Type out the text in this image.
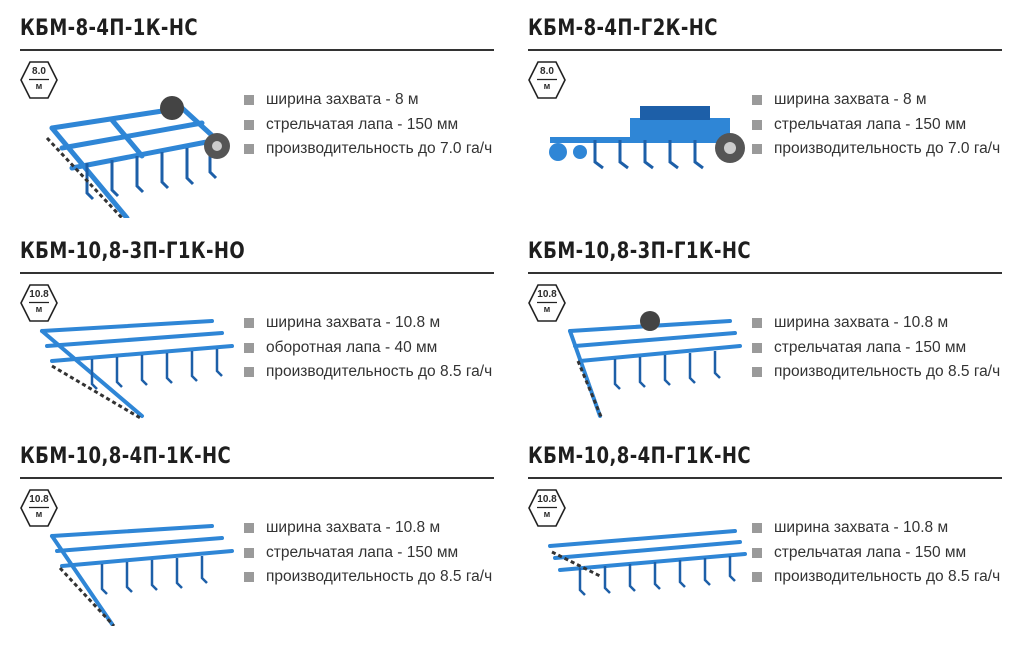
КБМ-8-4П-1К-НС
8.0
м
ширина захвата - 8 м
стрельчатая лапа - 150 мм
производительность до 7.0 га/ч
КБМ-8-4П-Г2К-НС
8.0
м
ширина захвата - 8 м
стрельчатая лапа - 150 мм
производительность до 7.0 га/ч
КБМ-10,8-3П-Г1К-НО
10.8
м
ширина захвата - 10.8 м
оборотная лапа - 40 мм
производительность до 8.5 га/ч
КБМ-10,8-3П-Г1К-НС
10.8
м
ширина захвата - 10.8 м
стрельчатая лапа - 150 мм
производительность до 8.5 га/ч
КБМ-10,8-4П-1К-НС
10.8
м
ширина захвата - 10.8 м
стрельчатая лапа - 150 мм
производительность до 8.5 га/ч
КБМ-10,8-4П-Г1К-НС
10.8
м
ширина захвата - 10.8 м
стрельчатая лапа - 150 мм
производительность до 8.5 га/ч
